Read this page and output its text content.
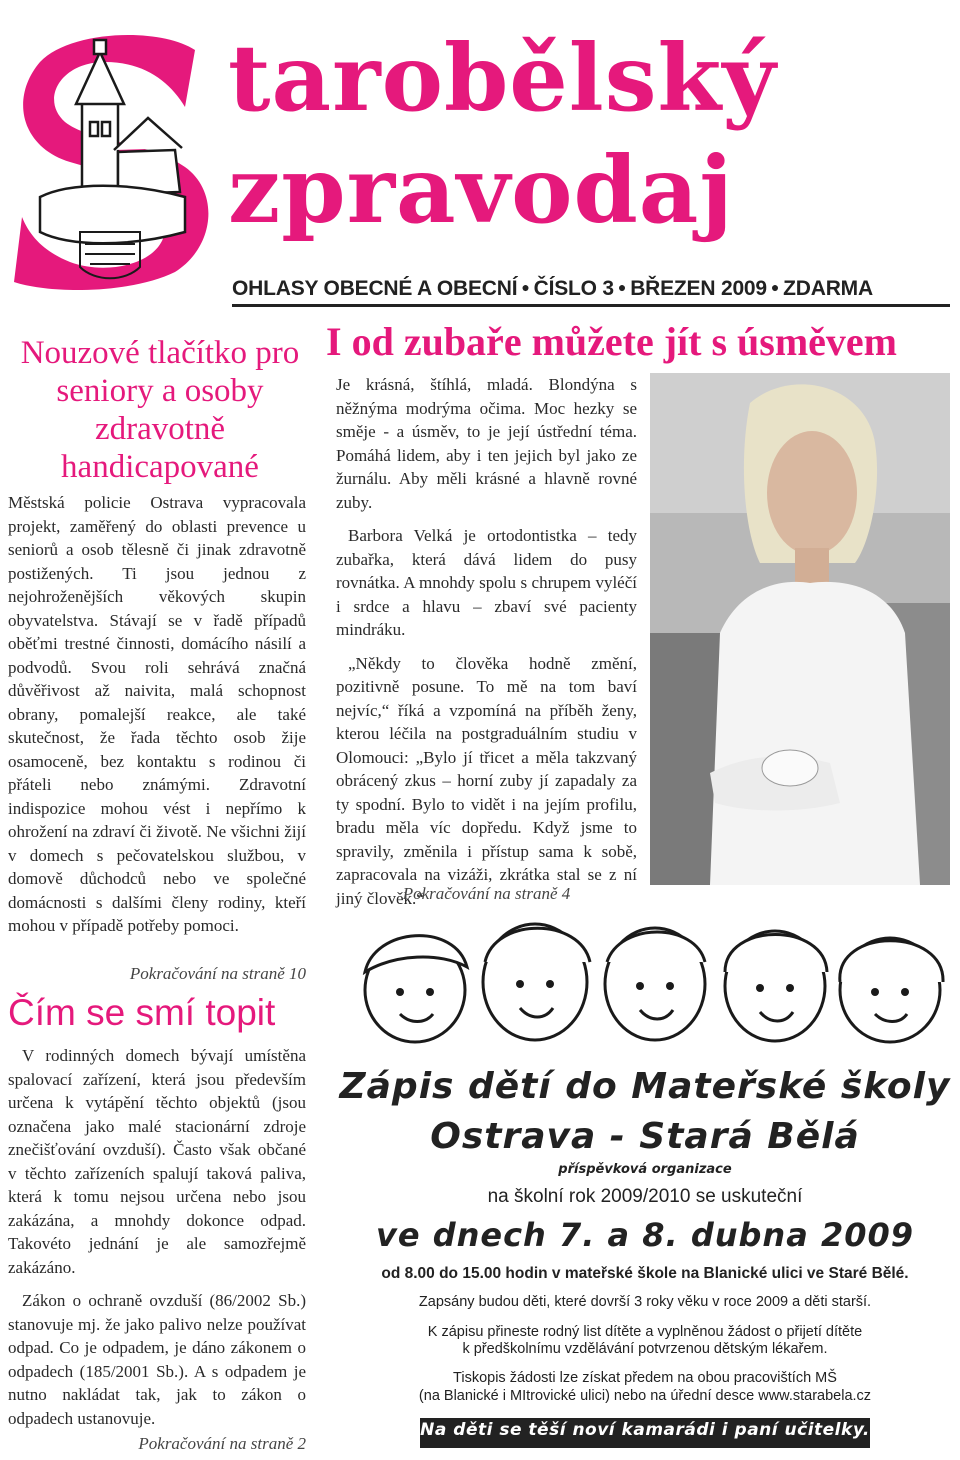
tarobělský
zpravodaj
OHLASY OBECNÉ A OBECNÍ ● ČÍSLO 3 ● BŘEZEN 2009 ● ZDARMA
Nouzové tlačítko pro seniory a osoby zdravotně handicapované
Městská policie Ostrava vypracovala projekt, zaměřený do oblasti prevence u seniorů a osob tělesně či jinak zdravotně postižených. Ti jsou jednou z nejohroženějších věkových skupin obyvatelstva. Stávají se v řadě případů oběťmi trestné činnosti, domácího násilí a podvodů. Svou roli sehrává značná důvěřivost až naivita, malá schopnost obrany, pomalejší reakce, ale také skutečnost, že řada těchto osob žije osamoceně, bez kontaktu s rodinou či přáteli nebo známými. Zdravotní indispozice mohou vést i nepřímo k ohrožení na zdraví či životě. Ne všichni žijí v domech s pečovatelskou službou, v domově důchodců nebo ve společné domácnosti s dalšími členy rodiny, kteří mohou v případě potřeby pomoci.
Pokračování na straně 10
Čím se smí topit

V rodinných domech bývají umístěna spalovací zařízení, která jsou především určena k vytápění těchto objektů (jsou označena jako malé stacionární zdroje znečišťování ovzduší). Často však občané v těchto zařízeních spalují taková paliva, která k tomu nejsou určena nebo jsou zakázána, a mnohdy dokonce odpad. Takovéto jednání je ale samozřejmě zakázáno.

Zákon o ochraně ovzduší (86/2002 Sb.) stanovuje mj. že jako palivo nelze používat odpad. Co je odpadem, je dáno zákonem o odpadech (185/2001 Sb.). A s odpadem je nutno nakládat tak, jak to zákon o odpadech ustanovuje.

Pokračování na straně 2
I od zubaře můžete jít s úsměvem

Je krásná, štíhlá, mladá. Blondýna s něžnýma modrýma očima. Moc hezky se směje - a úsměv, to je její ústřední téma. Pomáhá lidem, aby i ten jejich byl jako ze žurnálu. Aby měli krásné a hlavně rovné zuby.

Barbora Velká je ortodontistka – tedy zubařka, která dává lidem do pusy rovnátka. A mnohdy spolu s chrupem vyléčí i srdce a hlavu – zbaví své pacienty mindráku.

„Někdy to člověka hodně změní, pozitivně posune. To mě na tom baví nejvíc,“ říká a vzpomíná na příběh ženy, kterou léčila na postgraduálním studiu v Olomouci: „Bylo jí třicet a měla takzvaný obrácený zkus – horní zuby jí zapadaly za ty spodní. Bylo to vidět i na jejím profilu, bradu měla víc dopředu. Když jsme to spravily, změnila i přístup sama k sobě, zapracovala na vizáži, zkrátka stal se z ní jiný člověk.“

Pokračování na straně 4
Zápis dětí do Mateřské školy
Ostrava - Stará Bělá
příspěvková organizace
na školní rok 2009/2010 se uskuteční
ve dnech 7. a 8. dubna 2009
od 8.00 do 15.00 hodin v mateřské škole na Blanické ulici ve Staré Bělé.
Zapsány budou děti, které dovrší 3 roky věku v roce 2009 a děti starší.
K zápisu přineste rodný list dítěte a vyplněnou žádost o přijetí dítěte
k předškolnímu vzdělávání potvrzenou dětským lékařem.
Tiskopis žádosti lze získat předem na obou pracovištích MŠ
(na Blanické i MItrovické ulici) nebo na úřední desce www.starabela.cz
Na děti se těší noví kamarádi i paní učitelky.
